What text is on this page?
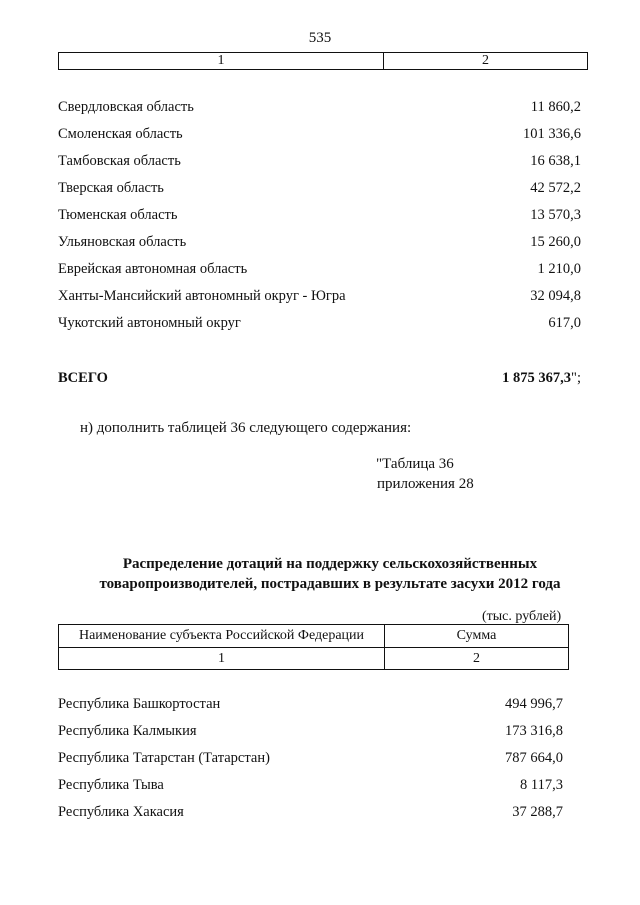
535
1	2
Свердловская область	11 860,2
Смоленская область	101 336,6
Тамбовская область	16 638,1
Тверская область	42 572,2
Тюменская область	13 570,3
Ульяновская область	15 260,0
Еврейская автономная область	1 210,0
Ханты-Мансийский автономный округ - Югра	32 094,8
Чукотский автономный округ	617,0
ВСЕГО	1 875 367,3";
н) дополнить таблицей 36 следующего содержания:
"Таблица 36
приложения 28
Распределение дотаций на поддержку сельскохозяйственных
товаропроизводителей, пострадавших в результате засухи 2012 года
(тыс. рублей)
Наименование субъекта Российской Федерации	Сумма
1	2
Республика Башкортостан	494 996,7
Республика Калмыкия	173 316,8
Республика Татарстан (Татарстан)	787 664,0
Республика Тыва	8 117,3
Республика Хакасия	37 288,7
